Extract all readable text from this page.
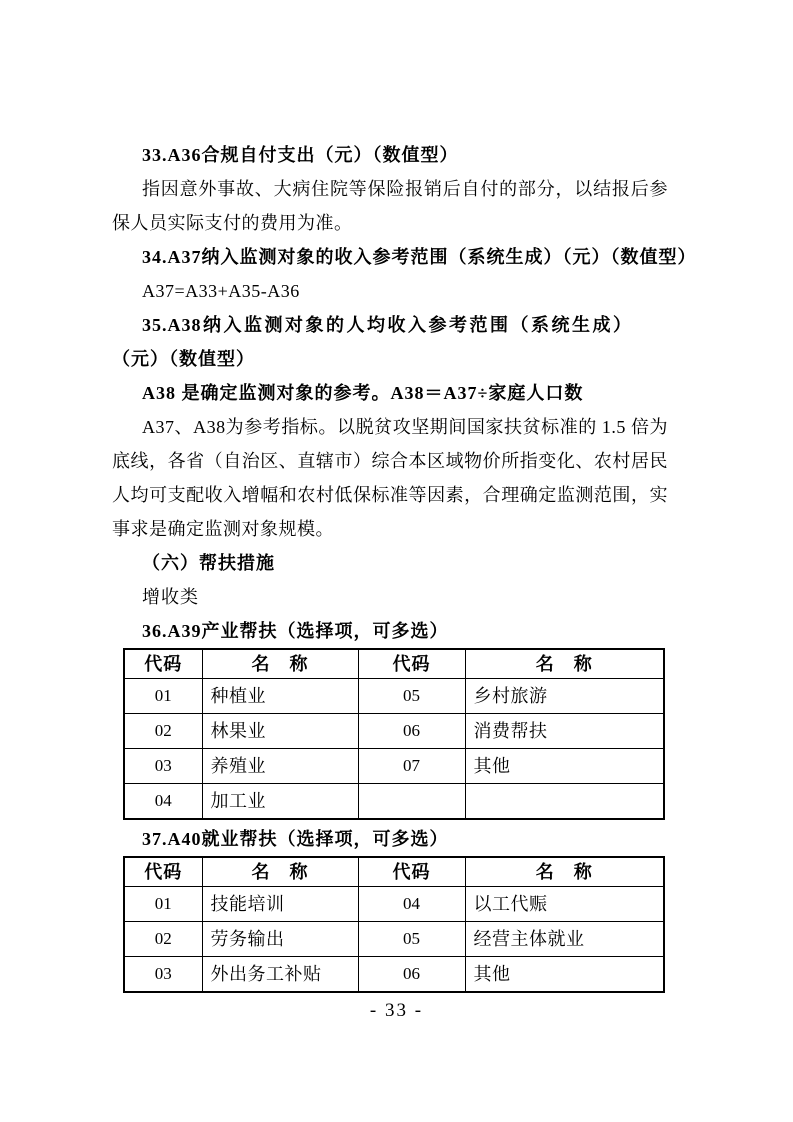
33.A36合规自付支出（元）（数值型）
指因意外事故、大病住院等保险报销后自付的部分，以结报后参保人员实际支付的费用为准。
34.A37纳入监测对象的收入参考范围（系统生成）（元）（数值型）
A37=A33+A35-A36
35.A38纳入监测对象的人均收入参考范围（系统生成）（元）（数值型）
A38 是确定监测对象的参考。A38＝A37÷家庭人口数
A37、A38为参考指标。以脱贫攻坚期间国家扶贫标准的 1.5 倍为底线，各省（自治区、直辖市）综合本区域物价所指变化、农村居民人均可支配收入增幅和农村低保标准等因素，合理确定监测范围，实事求是确定监测对象规模。
（六）帮扶措施
增收类
36.A39产业帮扶（选择项，可多选）
代码	名　称	代码	名　称
01	种植业	05	乡村旅游
02	林果业	06	消费帮扶
03	养殖业	07	其他
04	加工业		
37.A40就业帮扶（选择项，可多选）
代码	名　称	代码	名　称
01	技能培训	04	以工代赈
02	劳务输出	05	经营主体就业
03	外出务工补贴	06	其他
- 33 -
